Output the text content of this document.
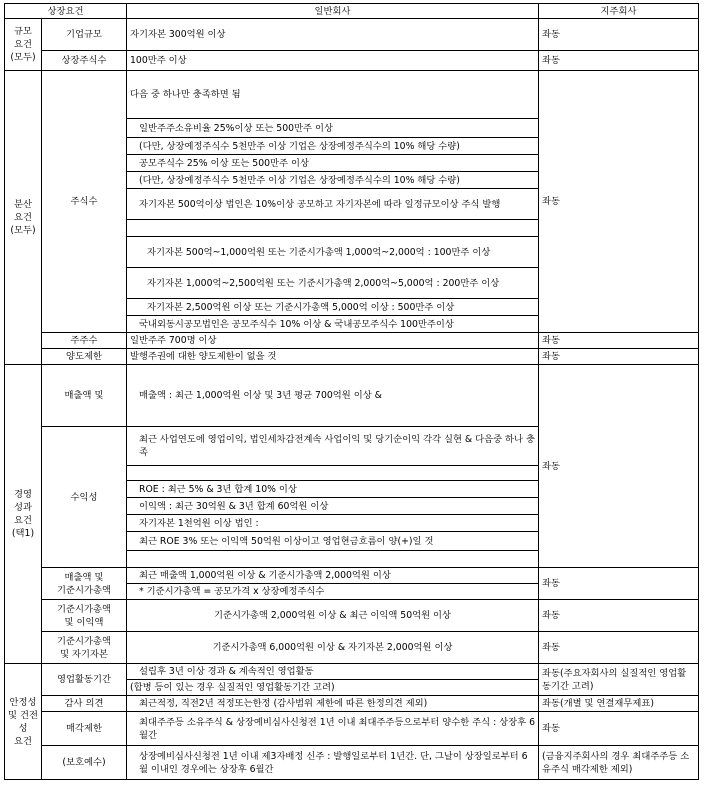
상장요건		일반회사	지주회사
규모
요건
(모두)	기업규모	자기자본 300억원 이상	좌동
	상장주식수	100만주 이상	좌동
분산
요건
(모두)	주식수	다음 중 하나만 충족하면 됨	좌동
		일반주주소유비율 25%이상 또는 500만주 이상	
		(다만, 상장예정주식수 5천만주 이상 기업은 상장예정주식수의 10% 해당 수량)	
		공모주식수 25% 이상 또는 500만주 이상	
		(다만, 상장예정주식수 5천만주 이상 기업은 상장예정주식수의 10% 해당 수량)	
		자기자본 500억이상 법인은 10%이상 공모하고 자기자본에 따라 일정규모이상 주식 발행	

		자기자본 500억~1,000억원 또는 기준시가총액 1,000억~2,000억 : 100만주 이상	
		자기자본 1,000억~2,500억원 또는 기준시가총액 2,000억~5,000억 : 200만주 이상	
		자기자본 2,500억원 이상 또는 기준시가총액 5,000억 이상 : 500만주 이상	
		국내외동시공모법인은 공모주식수 10% 이상 & 국내공모주식수 100만주이상	
	주주수	일반주주 700명 이상	좌동
	양도제한	발행주권에 대한 양도제한이 없을 것	좌동
경영
성과
요건
(택1)	매출액 및	매출액 : 최근 1,000억원 이상 및 3년 평균 700억원 이상 &	좌동
	수익성	최근 사업연도에 영업이익, 법인세차감전계속 사업이익 및 당기순이익 각각 실현 & 다음중 하나 충족	

		ROE : 최근 5% & 3년 합계 10% 이상	
		이익액 : 최근 30억원 & 3년 합계 60억원 이상	
		자기자본 1천억원 이상 법인 :	
		최근 ROE 3% 또는 이익액 50억원 이상이고 영업현금흐름이 양(+)일 것	

	매출액 및
기준시가총액	최근 매출액 1,000억원 이상 & 기준시가총액 2,000억원 이상	좌동
		* 기준시가총액 = 공모가격 x 상장예정주식수	
	기준시가총액
및 이익액	기준시가총액 2,000억원 이상 & 최근 이익액 50억원 이상	좌동
	기준시가총액
및 자기자본	기준시가총액 6,000억원 이상 & 자기자본 2,000억원 이상	좌동
안정성
및 건전
성
요건	영업활동기간	설립후 3년 이상 경과 & 계속적인 영업활동	좌동(주요자회사의 실질적인 영업활동기간 고려)
		(합병 등이 있는 경우 실질적인 영업활동기간 고려)	
	감사 의견	최근적정, 직전2년 적정또는한정 (감사범위 제한에 따른 한정의견 제외)	좌동(개별 및 연결재무제표)
	매각제한	최대주주등 소유주식 & 상장예비심사신청전 1년 이내 최대주주등으로부터 양수한 주식 : 상장후 6월간	좌동
	(보호예수)	상장예비심사신청전 1년 이내 제3자배정 신주 : 발행일로부터 1년간. 단, 그날이 상장일로부터 6월 이내인 경우에는 상장후 6월간	(금융지주회사의 경우 최대주주등 소유주식 매각제한 제외)
